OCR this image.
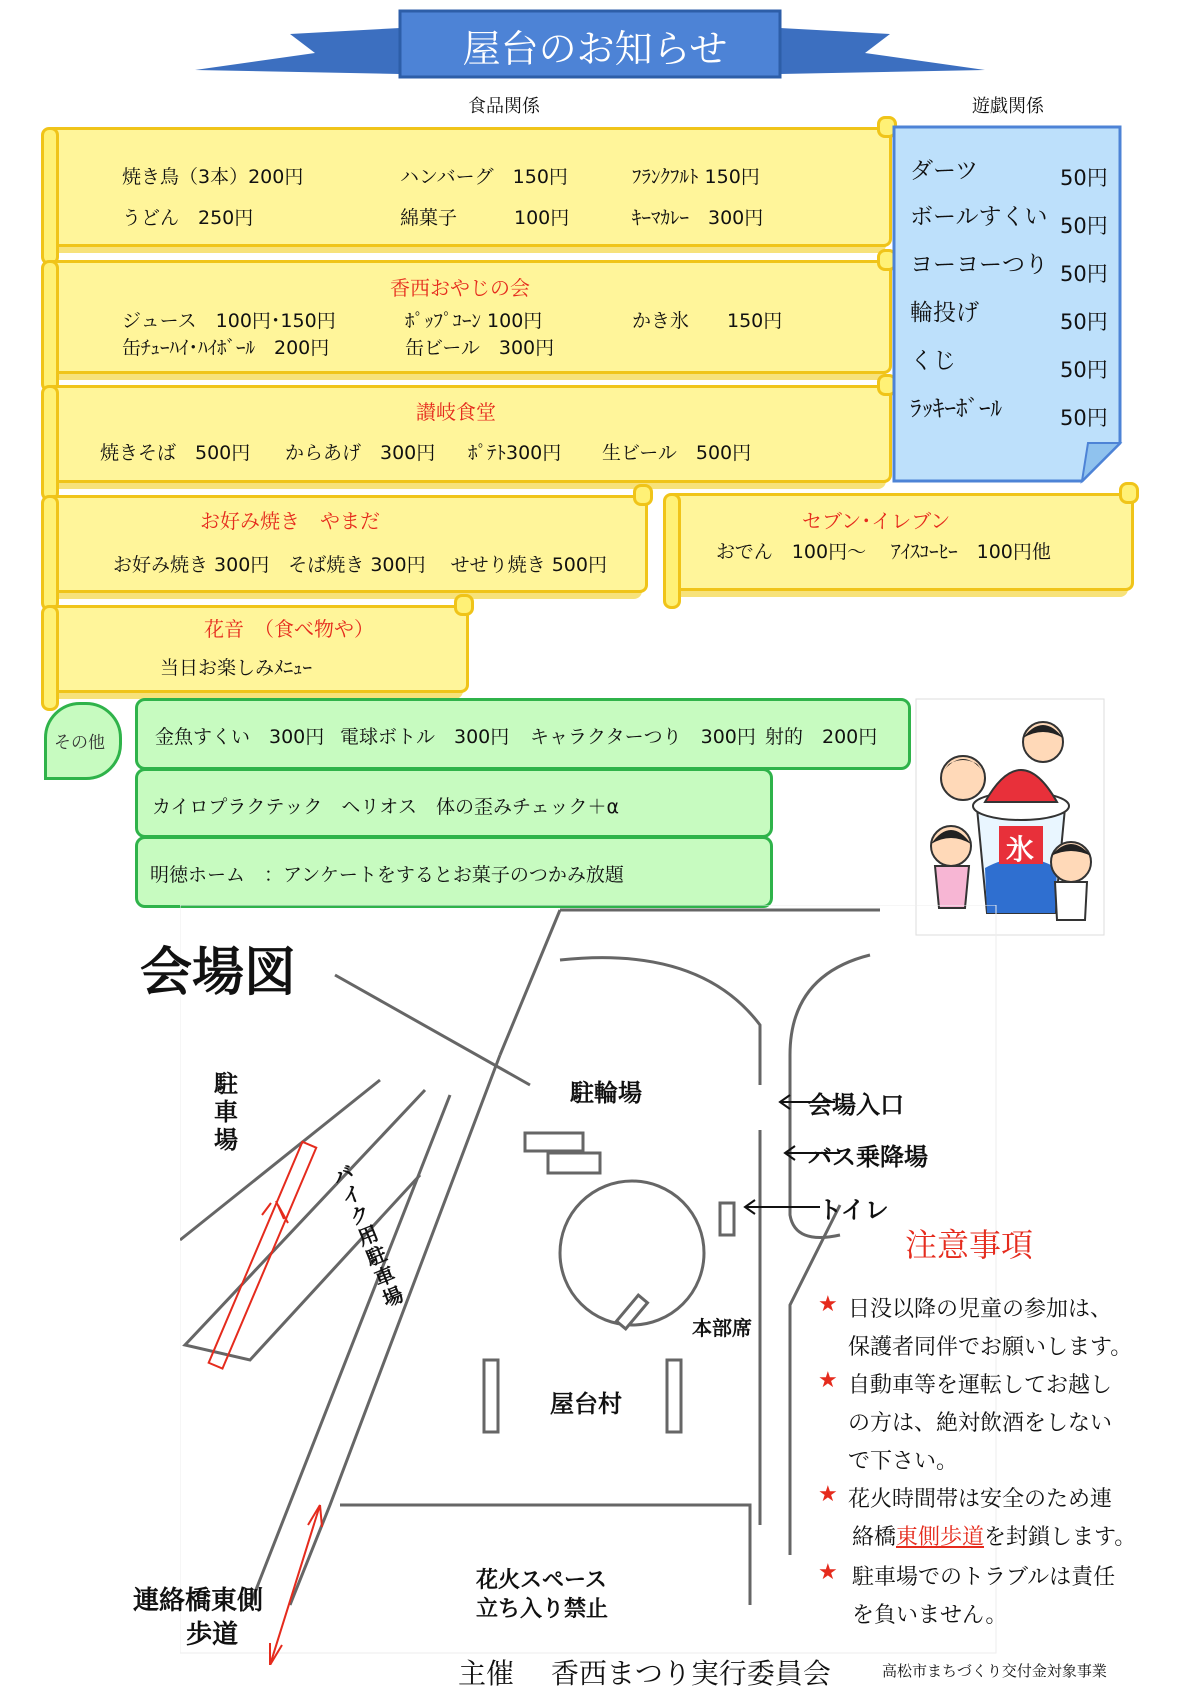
屋台のお知らせ
食品関係	遊戯関係
焼き鳥（3本）200円	ハンバーグ　150円	ﾌﾗﾝｸﾌﾙﾄ 150円
うどん　250円	綿菓子　　　100円	ｷｰﾏｶﾚｰ　300円
香西おやじの会
ジュース　100円･150円	ﾎﾟｯﾌﾟｺｰﾝ 100円	かき氷　　150円
缶ﾁｭｰﾊｲ･ﾊｲﾎﾞｰﾙ　200円	缶ビール　300円
讃岐食堂
焼きそば　500円 からあげ　300円 ﾎﾟﾃﾄ300円 生ビール　500円
お好み焼き　やまだ
お好み焼き 300円　そば焼き 300円　 せせり焼き 500円
セブン･イレブン
おでん　100円～　 ｱｲｽｺｰﾋｰ　100円他
花音　（食べ物や）
当日お楽しみﾒﾆｭｰ
ダーツ	50円
ボールすくい 50円
ヨーヨーつり 50円
輪投げ	50円
くじ	50円
ﾗｯｷｰﾎﾞｰﾙ	50円
その他	金魚すくい　300円 電球ボトル　300円 キャラクターつり　300円 射的　200円
カイロプラクテック　ヘリオス　体の歪みチェック＋α
明徳ホーム　：アンケートをするとお菓子のつかみ放題
氷
会場図
駐車場
バイク用駐車場
駐輪場	会場入口
バス乗降場
トイレ
本部席
屋台村
花火スペース
立ち入り禁止
連絡橋東側
歩道
注意事項
★ 日没以降の児童の参加は、
保護者同伴でお願いします。
★ 自動車等を運転してお越し
の方は、絶対飲酒をしない
で下さい。
★ 花火時間帯は安全のため連
絡橋 東側歩道 を封鎖します。
★ 駐車場でのトラブルは責任
を負いません。
主催　 香西まつり実行委員会	高松市まちづくり交付金対象事業
